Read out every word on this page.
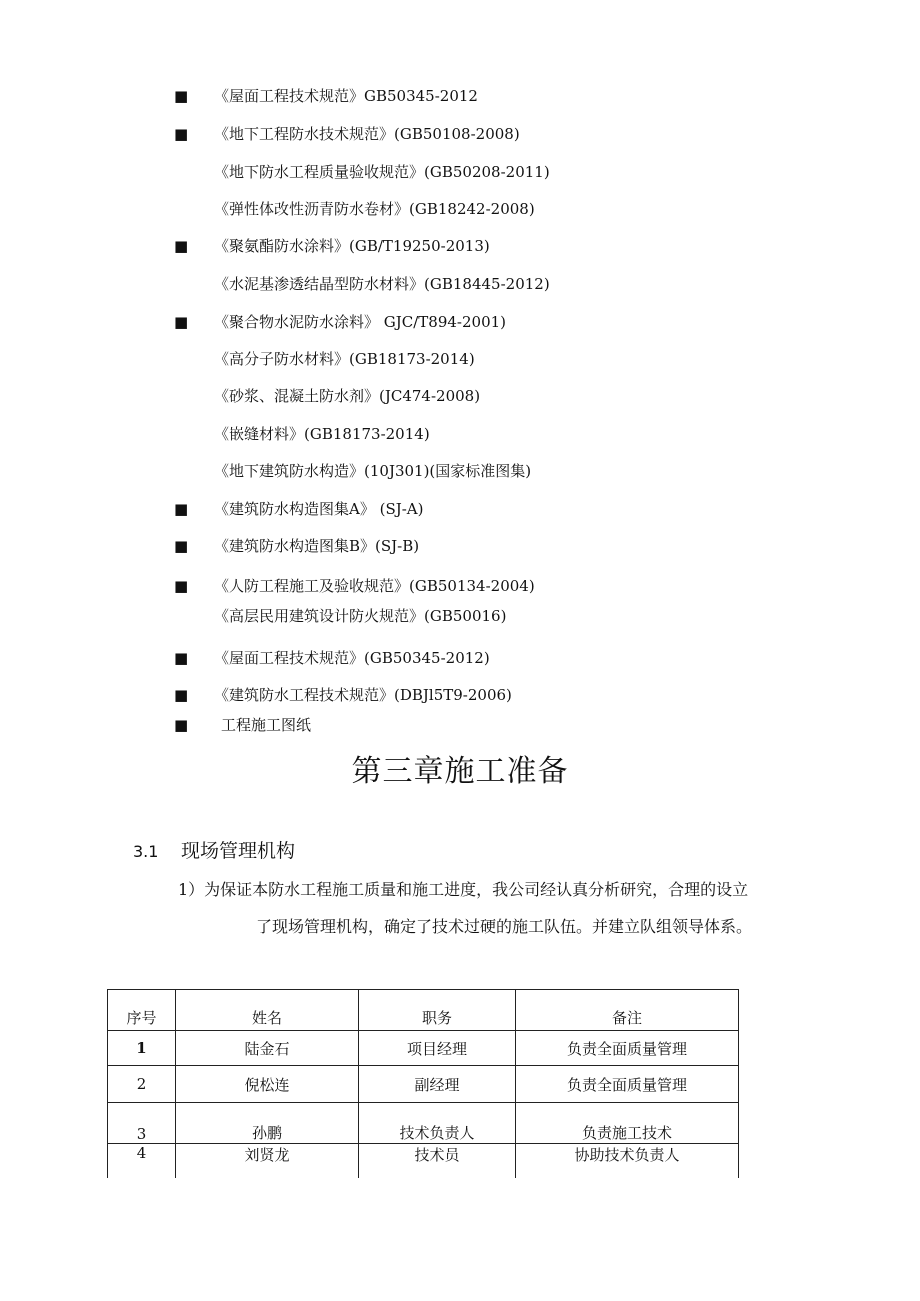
■ 《屋面工程技术规范》GB50345-2012
■ 《地下工程防水技术规范》(GB50108-2008)
《地下防水工程质量验收规范》(GB50208-2011)
《弹性体改性沥青防水卷材》(GB18242-2008)
■ 《聚氨酯防水涂料》(GB/T19250-2013)
《水泥基渗透结晶型防水材料》(GB18445-2012)
■ 《聚合物水泥防水涂料》 GJC/T894-2001)
《高分子防水材料》(GB18173-2014)
《砂浆、混凝土防水剂》(JC474-2008)
《嵌缝材料》(GB18173-2014)
《地下建筑防水构造》(10J301)(国家标准图集)
■ 《建筑防水构造图集A》 (SJ-A)
■ 《建筑防水构造图集B》(SJ-B)
■ 《人防工程施工及验收规范》(GB50134-2004)
《高层民用建筑设计防火规范》(GB50016)
■ 《屋面工程技术规范》(GB50345-2012)
■ 《建筑防水工程技术规范》(DBJl5T9-2006)
■ 工程施工图纸
第三章施工准备
3.1 现场管理机构
1）为保证本防水工程施工质量和施工进度，我公司经认真分析研究，合理的设立
了现场管理机构，确定了技术过硬的施工队伍。并建立队组领导体系。
序号	姓名	职务	备注
1	陆金石	项目经理	负责全面质量管理
2	倪松连	副经理	负责全面质量管理
3	孙鹏	技术负责人	负责施工技术
4	刘贤龙	技术员	协助技术负责人
